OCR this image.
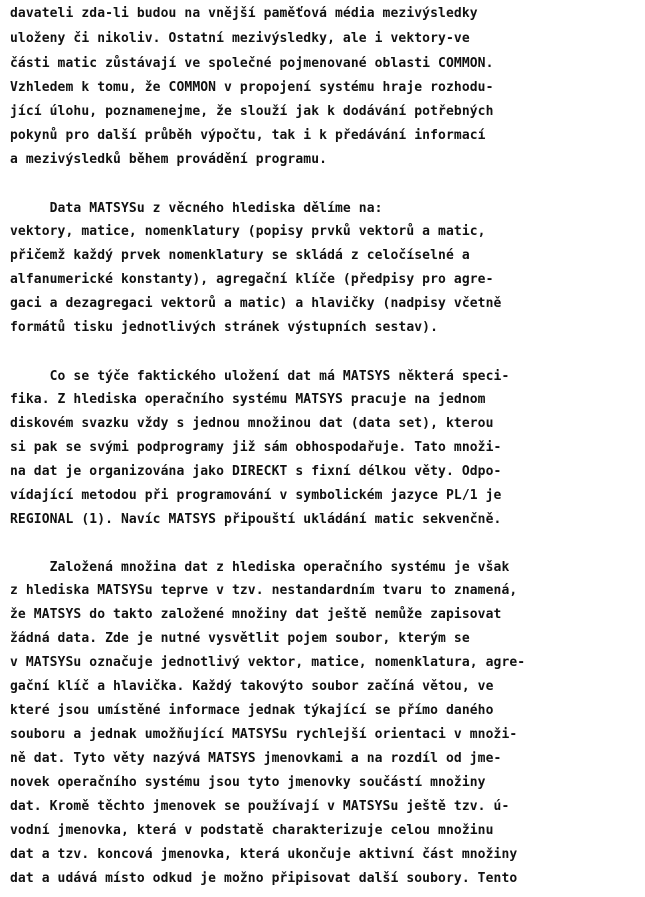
davateli zda-li budou na vnější paměťová média mezivýsledky
uloženy či nikoliv. Ostatní mezivýsledky, ale i vektory-ve
části matic zůstávají ve společné pojmenované oblasti COMMON.
Vzhledem k tomu, že COMMON v propojení systému hraje rozhodu-
jící úlohu, poznamenejme, že slouží jak k dodávání potřebných
pokynů pro další průběh výpočtu, tak i k předávání informací
a mezivýsledků během provádění programu.
Data MATSYSu z věcného hlediska dělíme na:
vektory, matice, nomenklatury (popisy prvků vektorů a matic,
přičemž každý prvek nomenklatury se skládá z celočíselné a
alfanumerické konstanty), agregační klíče (předpisy pro agre-
gaci a dezagregaci vektorů a matic) a hlavičky (nadpisy včetně
formátů tisku jednotlivých stránek výstupních sestav).
Co se týče faktického uložení dat má MATSYS některá speci-
fika. Z hlediska operačního systému MATSYS pracuje na jednom
diskovém svazku vždy s jednou množinou dat (data set), kterou
si pak se svými podprogramy již sám obhospodařuje. Tato množi-
na dat je organizována jako DIRECKT s fixní délkou věty. Odpo-
vídající metodou při programování v symbolickém jazyce PL/1 je
REGIONAL (1). Navíc MATSYS připouští ukládání matic sekvenčně.
Založená množina dat z hlediska operačního systému je však
z hlediska MATSYSu teprve v tzv. nestandardním tvaru to znamená,
že MATSYS do takto založené množiny dat ještě nemůže zapisovat
žádná data. Zde je nutné vysvětlit pojem soubor, kterým se
v MATSYSu označuje jednotlivý vektor, matice, nomenklatura, agre-
gační klíč a hlavička. Každý takovýto soubor začíná větou, ve
které jsou umístěné informace jednak týkající se přímo daného
souboru a jednak umožňující MATSYSu rychlejší orientaci v množi-
ně dat. Tyto věty nazývá MATSYS jmenovkami a na rozdíl od jme-
novek operačního systému jsou tyto jmenovky součástí množiny
dat. Kromě těchto jmenovek se používají v MATSYSu ještě tzv. ú-
vodní jmenovka, která v podstatě charakterizuje celou množinu
dat a tzv. koncová jmenovka, která ukončuje aktivní část množiny
dat a udává místo odkud je možno připisovat další soubory. Tento
